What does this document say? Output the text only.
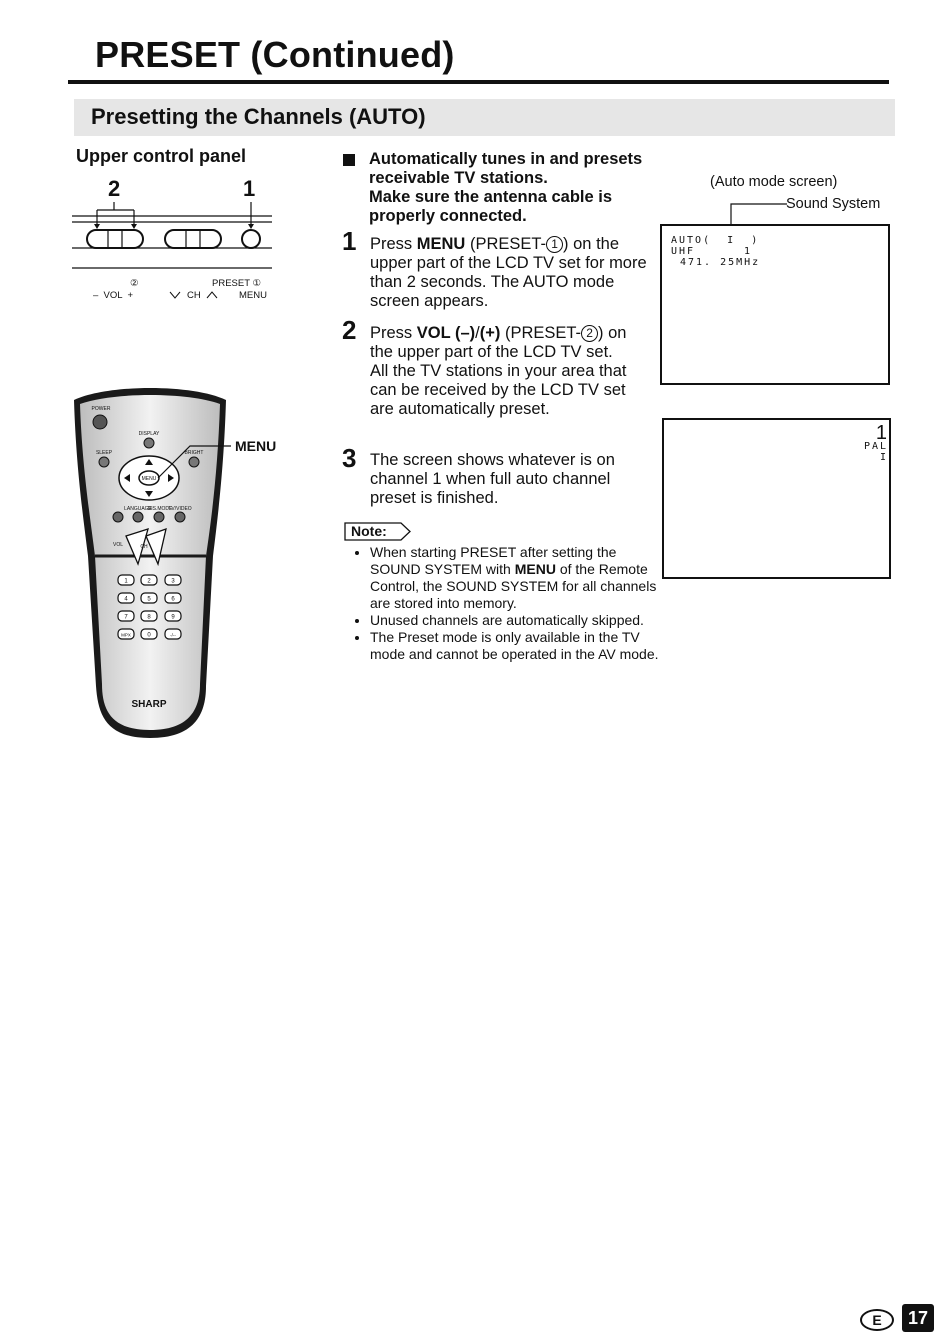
PRESET (Continued)
Presetting the Channels (AUTO)
Upper control panel
2	1
②	PRESET ①
–  VOL  +	CH	MENU
POWER
DISPLAY
SLEEP	BRIGHT
MENU
LANGUAGE
DIS.MODE
TV/VIDEO
VOL	CH
1	2	3
4	5	6
7	8	9
MPX	0	-/--
SHARP
MENU
Automatically tunes in and presets receivable TV stations.
Make sure the antenna cable is properly connected.
1 Press MENU (PRESET- 1 ) on the upper part of the LCD TV set for more than 2 seconds. The AUTO mode screen appears.
2 Press VOL (–)/(+) (PRESET- 2 ) on the upper part of the LCD TV set.
All the TV stations in your area that can be received by the LCD TV set are automatically preset.
3 The screen shows whatever is on channel 1 when full auto channel preset is finished.
Note:
• When starting PRESET after setting the SOUND SYSTEM with MENU of the Remote Control, the SOUND SYSTEM for all channels are stored into memory.
• Unused channels are automatically skipped.
• The Preset mode is only available in the TV mode and cannot be operated in the AV mode.
(Auto mode screen)
Sound System
AUTO(  I  )
UHF	1
471. 25MHz
1
PAL
I
E	17
